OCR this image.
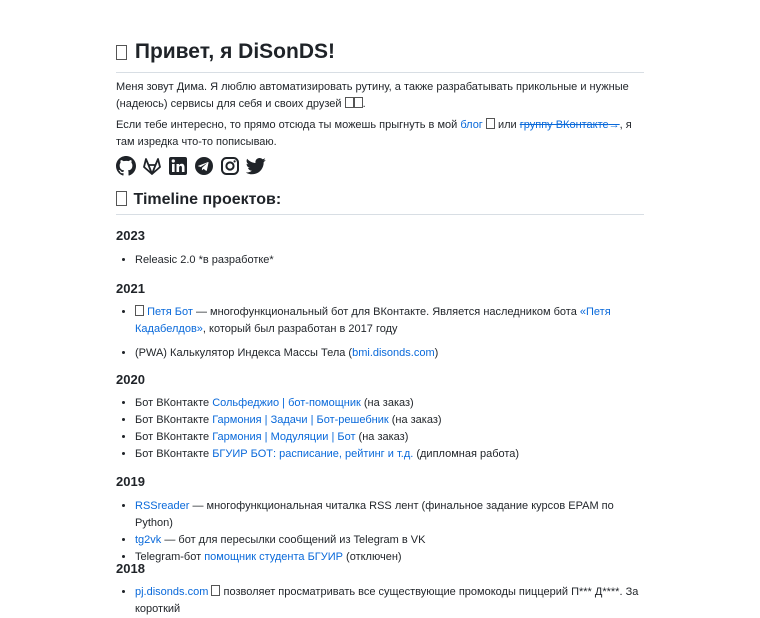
Привет, я DiSonDS!

Меня зовут Дима. Я люблю автоматизировать рутину, а также разрабатывать прикольные и нужные (надеюсь) сервисы для себя и своих друзей .

Если тебе интересно, то прямо отсюда ты можешь прыгнуть в мой блог или группу ВКонтакте→, я там изредка что-то пописываю.

Timeline проектов:
2023
• Releasic 2.0 *в разработке*
2021
• Петя Бот — многофункциональный бот для ВКонтакте. Является наследником бота «Петя Кадабелдов», который был разработан в 2017 году
• (PWA) Калькулятор Индекса Массы Тела (bmi.disonds.com)
2020
• Бот ВКонтакте Сольфеджио | бот-помощник (на заказ)
• Бот ВКонтакте Гармония | Задачи | Бот-решебник (на заказ)
• Бот ВКонтакте Гармония | Модуляции | Бот (на заказ)
• Бот ВКонтакте БГУИР БОТ: расписание, рейтинг и т.д. (дипломная работа)
2019
• RSSreader — многофункциональная читалка RSS лент (финальное задание курсов EPAM по Python)
• tg2vk — бот для пересылки сообщений из Telegram в VK
• Telegram-бот помощник студента БГУИР (отключен)
2018
• pj.disonds.com  позволяет просматривать все существующие промокоды пиццерий П*** Д****. За короткий
